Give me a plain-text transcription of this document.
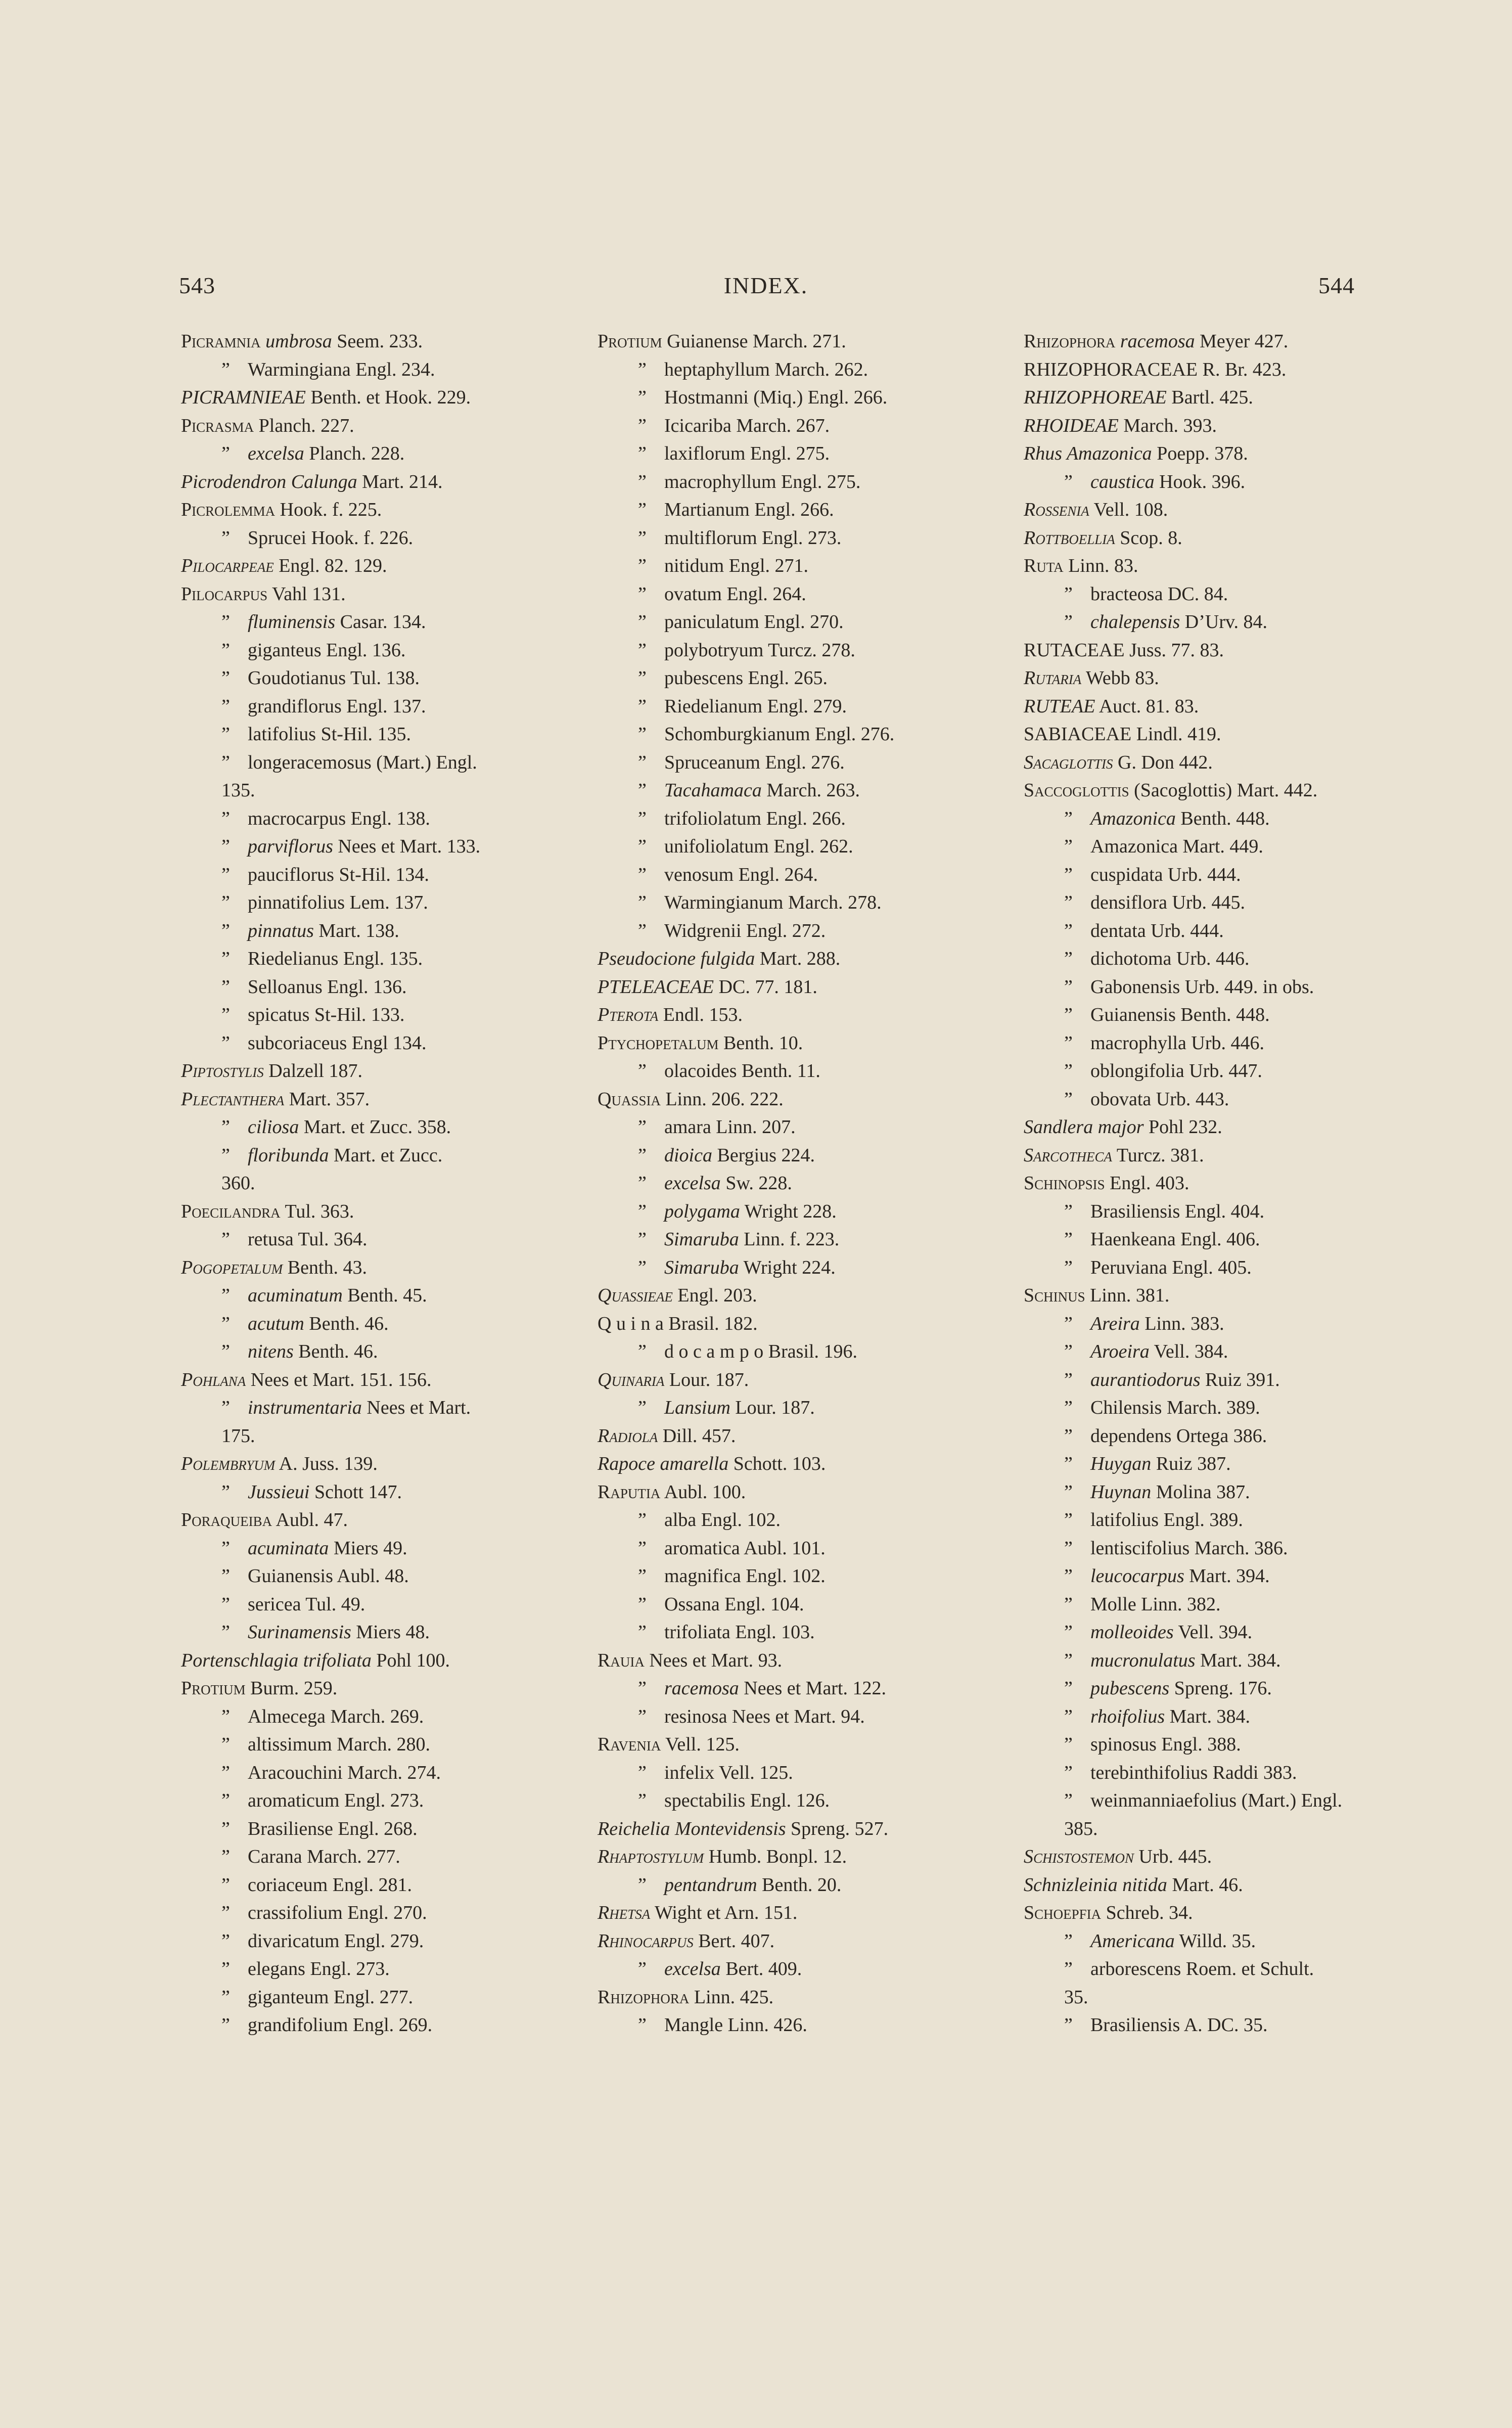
543	INDEX.	544
Picramnia umbrosa Seem. 233.
” Warmingiana Engl. 234.
PICRAMNIEAE Benth. et Hook. 229.
Picrasma Planch. 227.
” excelsa Planch. 228.
Picrodendron Calunga Mart. 214.
Picrolemma Hook. f. 225.
” Sprucei Hook. f. 226.
Pilocarpeae Engl. 82. 129.
Pilocarpus Vahl 131.
” fluminensis Casar. 134.
” giganteus Engl. 136.
” Goudotianus Tul. 138.
” grandiflorus Engl. 137.
” latifolius St-Hil. 135.
” longeracemosus (Mart.) Engl.
135.
” macrocarpus Engl. 138.
” parviflorus Nees et Mart. 133.
” pauciflorus St-Hil. 134.
” pinnatifolius Lem. 137.
” pinnatus Mart. 138.
” Riedelianus Engl. 135.
” Selloanus Engl. 136.
” spicatus St-Hil. 133.
” subcoriaceus Engl 134.
Piptostylis Dalzell 187.
Plectanthera Mart. 357.
” ciliosa Mart. et Zucc. 358.
” floribunda Mart. et Zucc.
360.
Poecilandra Tul. 363.
” retusa Tul. 364.
Pogopetalum Benth. 43.
” acuminatum Benth. 45.
” acutum Benth. 46.
” nitens Benth. 46.
Pohlana Nees et Mart. 151. 156.
” instrumentaria Nees et Mart.
175.
Polembryum A. Juss. 139.
” Jussieui Schott 147.
Poraqueiba Aubl. 47.
” acuminata Miers 49.
” Guianensis Aubl. 48.
” sericea Tul. 49.
” Surinamensis Miers 48.
Portenschlagia trifoliata Pohl 100.
Protium Burm. 259.
” Almecega March. 269.
” altissimum March. 280.
” Aracouchini March. 274.
” aromaticum Engl. 273.
” Brasiliense Engl. 268.
” Carana March. 277.
” coriaceum Engl. 281.
” crassifolium Engl. 270.
” divaricatum Engl. 279.
” elegans Engl. 273.
” giganteum Engl. 277.
” grandifolium Engl. 269.
Protium Guianense March. 271.
” heptaphyllum March. 262.
” Hostmanni (Miq.) Engl. 266.
” Icicariba March. 267.
” laxiflorum Engl. 275.
” macrophyllum Engl. 275.
” Martianum Engl. 266.
” multiflorum Engl. 273.
” nitidum Engl. 271.
” ovatum Engl. 264.
” paniculatum Engl. 270.
” polybotryum Turcz. 278.
” pubescens Engl. 265.
” Riedelianum Engl. 279.
” Schomburgkianum Engl. 276.
” Spruceanum Engl. 276.
” Tacahamaca March. 263.
” trifoliolatum Engl. 266.
” unifoliolatum Engl. 262.
” venosum Engl. 264.
” Warmingianum March. 278.
” Widgrenii Engl. 272.
Pseudocione fulgida Mart. 288.
PTELEACEAE DC. 77. 181.
Pterota Endl. 153.
Ptychopetalum Benth. 10.
” olacoides Benth. 11.
Quassia Linn. 206. 222.
” amara Linn. 207.
” dioica Bergius 224.
” excelsa Sw. 228.
” polygama Wright 228.
” Simaruba Linn. f. 223.
” Simaruba Wright 224.
Quassieae Engl. 203.
Q u i n a Brasil. 182.
” d o c a m p o Brasil. 196.
Quinaria Lour. 187.
” Lansium Lour. 187.
Radiola Dill. 457.
Rapoce amarella Schott. 103.
Raputia Aubl. 100.
” alba Engl. 102.
” aromatica Aubl. 101.
” magnifica Engl. 102.
” Ossana Engl. 104.
” trifoliata Engl. 103.
Rauia Nees et Mart. 93.
” racemosa Nees et Mart. 122.
” resinosa Nees et Mart. 94.
Ravenia Vell. 125.
” infelix Vell. 125.
” spectabilis Engl. 126.
Reichelia Montevidensis Spreng. 527.
Rhaptostylum Humb. Bonpl. 12.
” pentandrum Benth. 20.
Rhetsa Wight et Arn. 151.
Rhinocarpus Bert. 407.
” excelsa Bert. 409.
Rhizophora Linn. 425.
” Mangle Linn. 426.
Rhizophora racemosa Meyer 427.
RHIZOPHORACEAE R. Br. 423.
RHIZOPHOREAE Bartl. 425.
RHOIDEAE March. 393.
Rhus Amazonica Poepp. 378.
” caustica Hook. 396.
Rossenia Vell. 108.
Rottboellia Scop. 8.
Ruta Linn. 83.
” bracteosa DC. 84.
” chalepensis D’Urv. 84.
RUTACEAE Juss. 77. 83.
Rutaria Webb 83.
RUTEAE Auct. 81. 83.
SABIACEAE Lindl. 419.
Sacaglottis G. Don 442.
Saccoglottis (Sacoglottis) Mart. 442.
” Amazonica Benth. 448.
” Amazonica Mart. 449.
” cuspidata Urb. 444.
” densiflora Urb. 445.
” dentata Urb. 444.
” dichotoma Urb. 446.
” Gabonensis Urb. 449. in obs.
” Guianensis Benth. 448.
” macrophylla Urb. 446.
” oblongifolia Urb. 447.
” obovata Urb. 443.
Sandlera major Pohl 232.
Sarcotheca Turcz. 381.
Schinopsis Engl. 403.
” Brasiliensis Engl. 404.
” Haenkeana Engl. 406.
” Peruviana Engl. 405.
Schinus Linn. 381.
” Areira Linn. 383.
” Aroeira Vell. 384.
” aurantiodorus Ruiz 391.
” Chilensis March. 389.
” dependens Ortega 386.
” Huygan Ruiz 387.
” Huynan Molina 387.
” latifolius Engl. 389.
” lentiscifolius March. 386.
” leucocarpus Mart. 394.
” Molle Linn. 382.
” molleoides Vell. 394.
” mucronulatus Mart. 384.
” pubescens Spreng. 176.
” rhoifolius Mart. 384.
” spinosus Engl. 388.
” terebinthifolius Raddi 383.
” weinmanniaefolius (Mart.) Engl.
385.
Schistostemon Urb. 445.
Schnizleinia nitida Mart. 46.
Schoepfia Schreb. 34.
” Americana Willd. 35.
” arborescens Roem. et Schult.
35.
” Brasiliensis A. DC. 35.
